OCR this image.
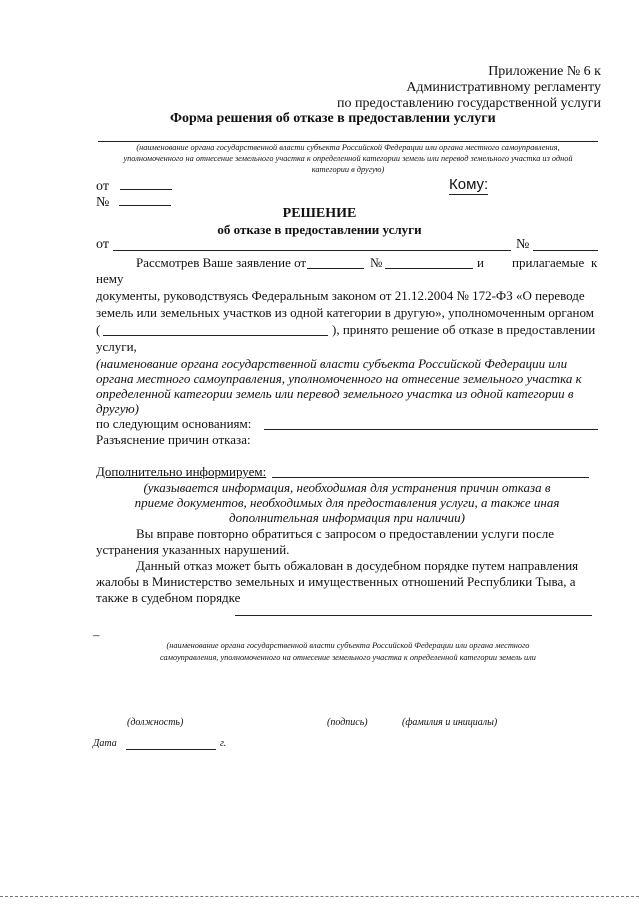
Приложение № 6 к
Административному регламенту
по предоставлению государственной услуги
Форма решения об отказе в предоставлении услуги
(наименование органа государственной власти субъекта Российской Федерации или органа местного самоуправления,
уполномоченного на отнесение земельного участка к определенной категории земель или перевод земельного участка из одной
категории в другую)
от
№
Кому:
РЕШЕНИЕ
об отказе в предоставлении услуги
от	№
Рассмотрев Ваше заявление от	№	и прилагаемые к
нему
документы, руководствуясь Федеральным законом от 21.12.2004 № 172-ФЗ «О переводе
земель или земельных участков из одной категории в другую», уполномоченным органом
(	), принято решение об отказе в предоставлении
услуги,
(наименование органа государственной власти субъекта Российской Федерации или
органа местного самоуправления, уполномоченного на отнесение земельного участка к
определенной категории земель или перевод земельного участка из одной категории в
другую)
по следующим основаниям:
Разъяснение причин отказа:
Дополнительно информируем:
(указывается информация, необходимая для устранения причин отказа в
приеме документов, необходимых для предоставления услуги, а также иная
дополнительная информация при наличии)
Вы вправе повторно обратиться с запросом о предоставлении услуги после
устранения указанных нарушений.
Данный отказ может быть обжалован в досудебном порядке путем направления
жалобы в Министерство земельных и имущественных отношений Республики Тыва, а
также в судебном порядке
–
(наименование органа государственной власти субъекта Российской Федерации или органа местного
самоуправления, уполномоченного на отнесение земельного участка к определенной категории земель или
(должность)	(подпись)	(фамилия и инициалы)
Дата	г.
